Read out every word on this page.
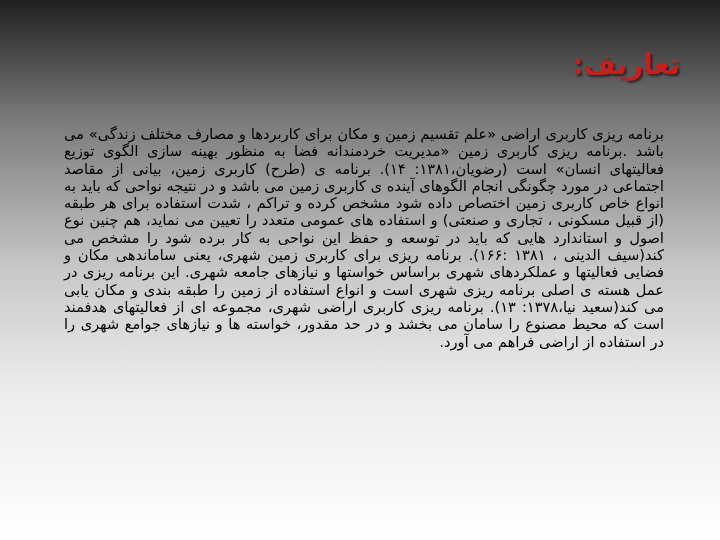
تعاریف:

برنامه ریزی کاربری اراضی «علم تقسیم زمین و مکان برای کاربردها و مصارف مختلف زندگی» می باشد .برنامه ریزی کاربری زمین «مدیریت خردمندانه فضا به منظور بهینه سازی الگوی توزیع فعالیتهای انسان» است (رضویان،۱۳۸۱: ۱۴). برنامه ی (طرح) کاربری زمین، بیانی از مقاصد اجتماعی در مورد چگونگی انجام الگوهای آینده ی کاربری زمین می باشد و در نتیجه نواحی که باید به انواع خاص کاربری زمین اختصاص داده شود مشخص کرده و تراکم ، شدت استفاده برای هر طبقه (از قبیل مسکونی ، تجاری و صنعتی) و استفاده های عمومی متعدد را تعیین می نماید، هم چنین نوع اصول و استاندارد هایی که باید در توسعه و حفظ این نواحی به کار برده شود را مشخص می کند(سیف الدینی ، ۱۳۸۱ :۱۶۶). برنامه ریزی برای کاربری زمین شهری، یعنی ساماندهی مکان و فضایی فعالیتها و عملکردهای شهری براساس خواستها و نیازهای جامعه شهری. این برنامه ریزی در عمل هسته ی اصلی برنامه ریزی شهری است و انواع استفاده از زمین را طبقه بندی و مکان یابی می کند(سعید نیا،۱۳۷۸: ۱۳). برنامه ریزی کاربری اراضی شهری، مجموعه ای از فعالیتهای هدفمند است که محیط مصنوع را سامان می بخشد و در حد مقدور، خواسته ها و نیازهای جوامع شهری را در استفاده از اراضی فراهم می آورد.
